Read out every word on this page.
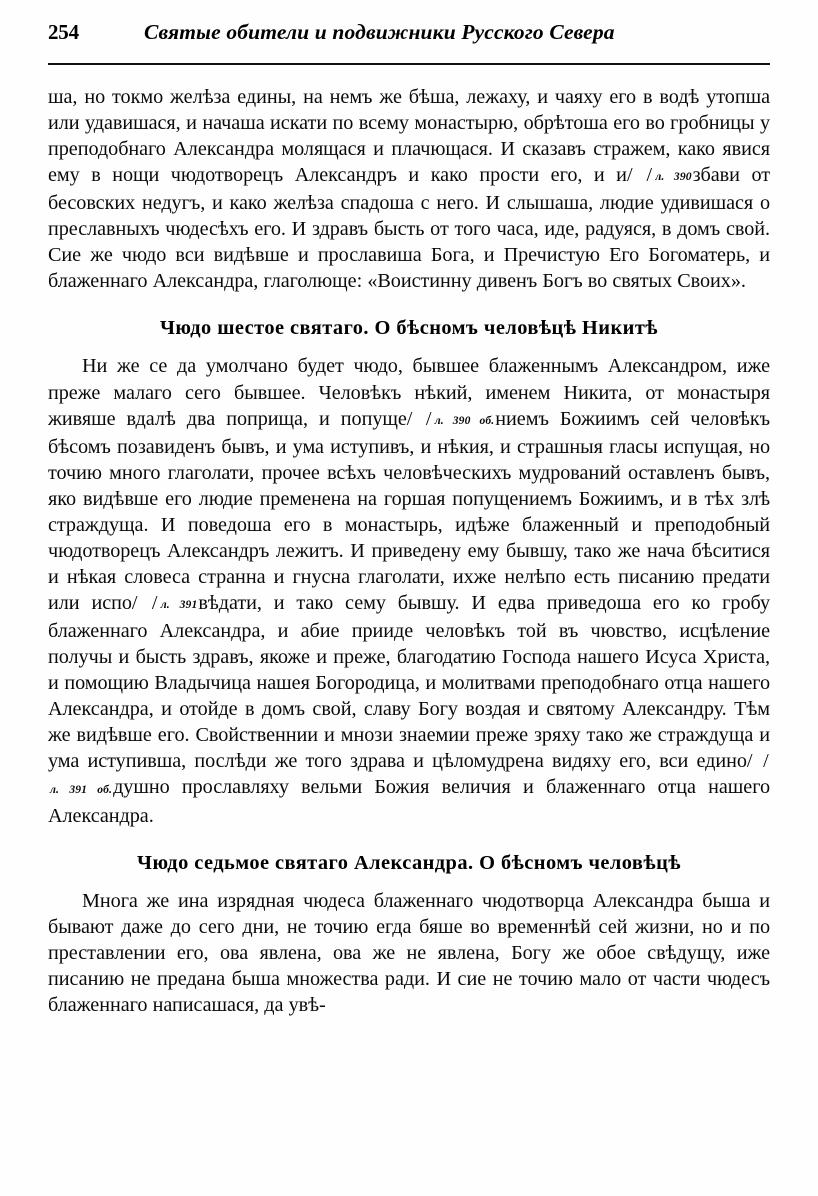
254	Святые обители и подвижники Русского Севера

ша, но токмо желѣза едины, на немъ же бѣша, лежаху, и чаяху его в водѣ утопша или удавишася, и начаша искати по всему монастырю, обрѣтоша его во гробницы у преподобнаго Александра молящася и плачющася. И сказавъ стражем, како явися ему в нощи чюдотворецъ Александръ и како прости его, и и/ / л. 390збави от бесовских недугъ, и како желѣза спадоша с него. И слышаша, людие удивишася о преславныхъ чюдесѣхъ его. И здравъ бысть от того часа, иде, радуяся, в домъ свой. Сие же чюдо вси видѣвше и прославиша Бога, и Пречистую Его Богоматерь, и блаженнаго Александра, глаголюще: «Воистинну дивенъ Богъ во святых Своих».

Чюдо шестое святаго. О бѣсномъ человѣцѣ Никитѣ

Ни же се да умолчано будет чюдо, бывшее блаженнымъ Александром, иже преже малаго сего бывшее. Человѣкъ нѣкий, именем Никита, от монастыря живяше вдалѣ два поприща, и попуще/ / л. 390 об.ниемъ Божиимъ сей человѣкъ бѣсомъ позавиденъ бывъ, и ума иступивъ, и нѣкия, и страшныя гласы испущая, но точию много глаголати, прочее всѣхъ человѣческихъ мудрований оставленъ бывъ, яко видѣвше его людие пременена на горшая попущениемъ Божиимъ, и в тѣх злѣ страждуща. И поведоша его в монастырь, идѣже блаженный и преподобный чюдотворецъ Александръ лежитъ. И приведену ему бывшу, тако же нача бѣситися и нѣкая словеса странна и гнусна глаголати, ихже нелѣпо есть писанию предати или испо/ / л. 391вѣдати, и тако сему бывшу. И едва приведоша его ко гробу блаженнаго Александра, и абие прииде человѣкъ той въ чювство, исцѣление получы и бысть здравъ, якоже и преже, благодатию Господа нашего Исуса Христа, и помощию Владычица нашея Богородица, и молитвами преподобнаго отца нашего Александра, и отойде в домъ свой, славу Богу воздая и святому Александру. Тѣм же видѣвше его. Свойственнии и мнози знаемии преже зряху тако же страждуща и ума иступивша, послѣди же того здрава и цѣломудрена видяху его, вси едино/ /л. 391 об.душно прославляху вельми Божия величия и блаженнаго отца нашего Александра.

Чюдо седьмое святаго Александра. О бѣсномъ человѣцѣ

Многа же ина изрядная чюдеса блаженнаго чюдотворца Александра быша и бывают даже до сего дни, не точию егда бяше во временнѣй сей жизни, но и по преставлении его, ова явлена, ова же не явлена, Богу же обое свѣдущу, иже писанию не предана быша множества ради. И сие не точию мало от части чюдесъ блаженнаго написашася, да увѣ-
